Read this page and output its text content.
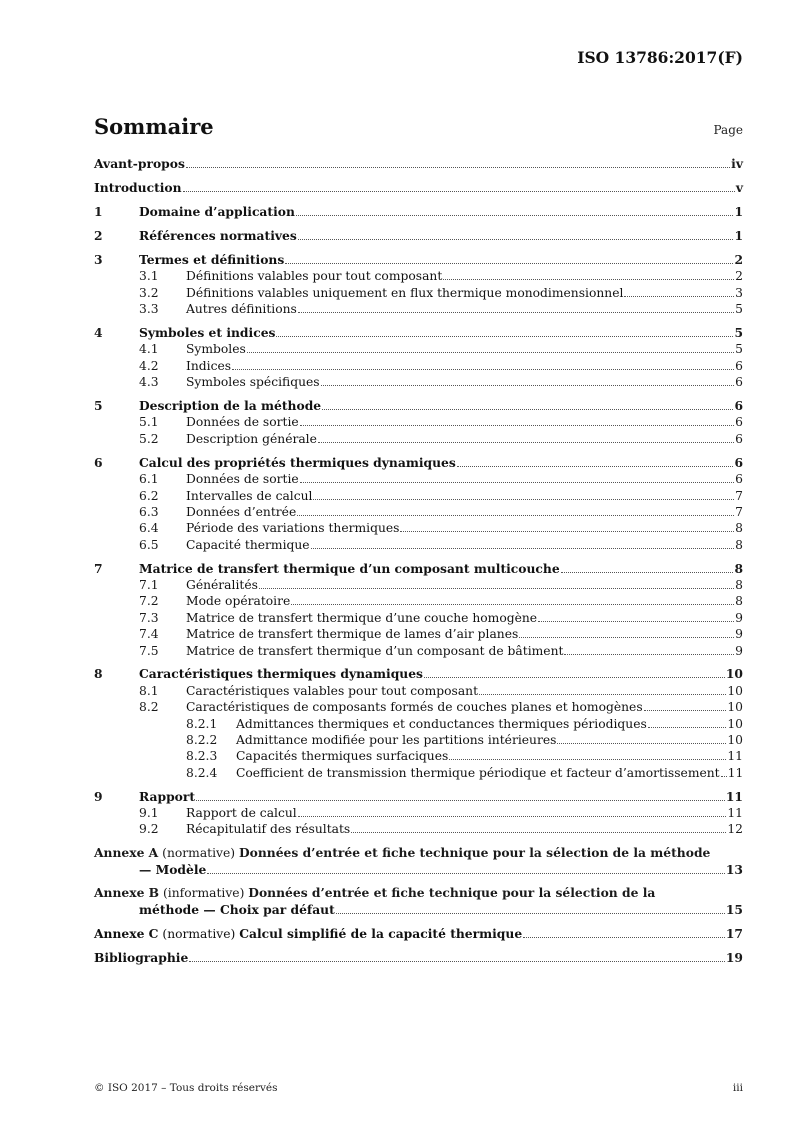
ISO 13786:2017(F)
Sommaire	Page
Avant-propos	iv
Introduction	v
1	Domaine d’application	1
2	Références normatives	1
3	Termes et définitions	2
3.1	Définitions valables pour tout composant	2
3.2	Définitions valables uniquement en flux thermique monodimensionnel	3
3.3	Autres définitions	5
4	Symboles et indices	5
4.1	Symboles	5
4.2	Indices	6
4.3	Symboles spécifiques	6
5	Description de la méthode	6
5.1	Données de sortie	6
5.2	Description générale	6
6	Calcul des propriétés thermiques dynamiques	6
6.1	Données de sortie	6
6.2	Intervalles de calcul	7
6.3	Données d’entrée	7
6.4	Période des variations thermiques	8
6.5	Capacité thermique	8
7	Matrice de transfert thermique d’un composant multicouche	8
7.1	Généralités	8
7.2	Mode opératoire	8
7.3	Matrice de transfert thermique d’une couche homogène	9
7.4	Matrice de transfert thermique de lames d’air planes	9
7.5	Matrice de transfert thermique d’un composant de bâtiment	9
8	Caractéristiques thermiques dynamiques	10
8.1	Caractéristiques valables pour tout composant	10
8.2	Caractéristiques de composants formés de couches planes et homogènes	10
8.2.1	Admittances thermiques et conductances thermiques périodiques	10
8.2.2	Admittance modifiée pour les partitions intérieures	10
8.2.3	Capacités thermiques surfaciques	11
8.2.4	Coefficient de transmission thermique périodique et facteur d’amortissement 11
9	Rapport	11
9.1	Rapport de calcul	11
9.2	Récapitulatif des résultats	12
Annexe A (normative) Données d’entrée et fiche technique pour la sélection de la méthode
— Modèle	13
Annexe B (informative) Données d’entrée et fiche technique pour la sélection de la
méthode — Choix par défaut	15
Annexe C (normative) Calcul simplifié de la capacité thermique	17
Bibliographie	19
© ISO 2017 – Tous droits réservés	iii
